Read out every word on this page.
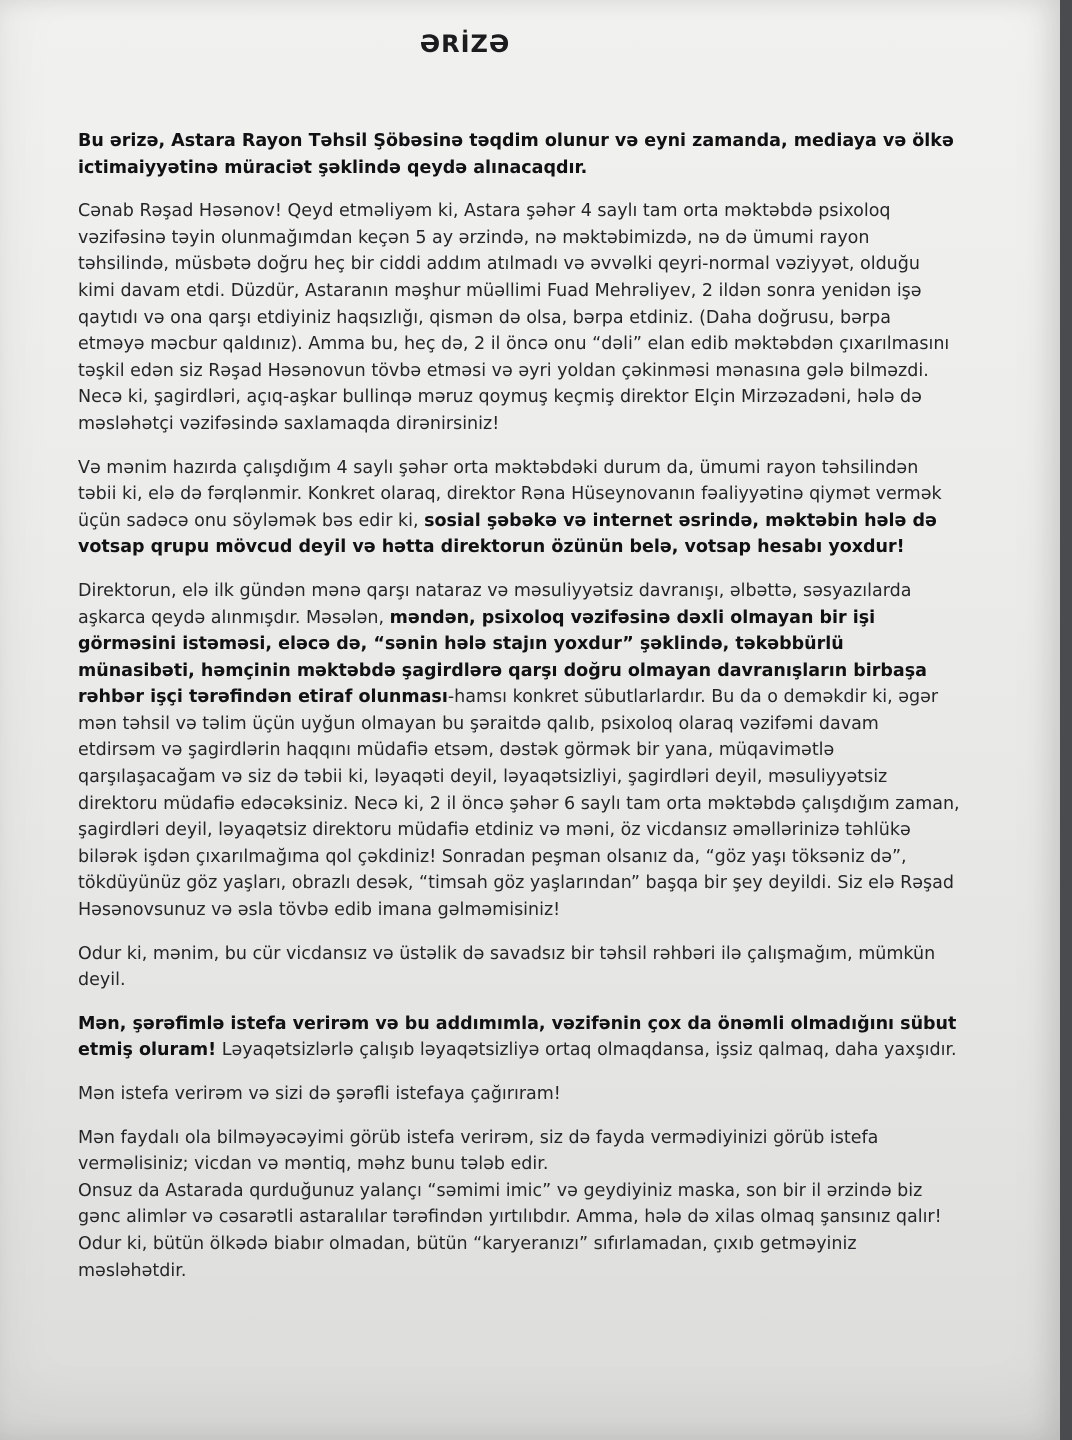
ƏRİZƏ

Bu ərizə, Astara Rayon Təhsil Şöbəsinə təqdim olunur və eyni zamanda, mediaya və ölkə ictimaiyyətinə müraciət şəklində qeydə alınacaqdır.

Cənab Rəşad Həsənov! Qeyd etməliyəm ki, Astara şəhər 4 saylı tam orta məktəbdə psixoloq vəzifəsinə təyin olunmağımdan keçən 5 ay ərzində, nə məktəbimizdə, nə də ümumi rayon təhsilində, müsbətə doğru heç bir ciddi addım atılmadı və əvvəlki qeyri-normal vəziyyət, olduğu kimi davam etdi. Düzdür, Astaranın məşhur müəllimi Fuad Mehrəliyev, 2 ildən sonra yenidən işə qaytıdı və ona qarşı etdiyiniz haqsızlığı, qismən də olsa, bərpa etdiniz. (Daha doğrusu, bərpa etməyə məcbur qaldınız). Amma bu, heç də, 2 il öncə onu “dəli” elan edib məktəbdən çıxarılmasını təşkil edən siz Rəşad Həsənovun tövbə etməsi və əyri yoldan çəkinməsi mənasına gələ bilməzdi. Necə ki, şagirdləri, açıq-aşkar bullinqə məruz qoymuş keçmiş direktor Elçin Mirzəzadəni, hələ də məsləhətçi vəzifəsində saxlamaqda dirənirsiniz!

Və mənim hazırda çalışdığım 4 saylı şəhər orta məktəbdəki durum da, ümumi rayon təhsilindən təbii ki, elə də fərqlənmir. Konkret olaraq, direktor Rəna Hüseynovanın fəaliyyətinə qiymət vermək üçün sadəcə onu söyləmək bəs edir ki, sosial şəbəkə və internet əsrində, məktəbin hələ də votsap qrupu mövcud deyil və hətta direktorun özünün belə, votsap hesabı yoxdur!

Direktorun, elə ilk gündən mənə qarşı nataraz və məsuliyyətsiz davranışı, əlbəttə, səsyazılarda aşkarca qeydə alınmışdır. Məsələn, məndən, psixoloq vəzifəsinə dəxli olmayan bir işi görməsini istəməsi, eləcə də, “sənin hələ stajın yoxdur” şəklində, təkəbbürlü münasibəti, həmçinin məktəbdə şagirdlərə qarşı doğru olmayan davranışların birbaşa rəhbər işçi tərəfindən etiraf olunması-hamsı konkret sübutlarlardır. Bu da o deməkdir ki, əgər mən təhsil və təlim üçün uyğun olmayan bu şəraitdə qalıb, psixoloq olaraq vəzifəmi davam etdirsəm və şagirdlərin haqqını müdafiə etsəm, dəstək görmək bir yana, müqavimətlə qarşılaşacağam və siz də təbii ki, ləyaqəti deyil, ləyaqətsizliyi, şagirdləri deyil, məsuliyyətsiz direktoru müdafiə edəcəksiniz. Necə ki, 2 il öncə şəhər 6 saylı tam orta məktəbdə çalışdığım zaman, şagirdləri deyil, ləyaqətsiz direktoru müdafiə etdiniz və məni, öz vicdansız əməllərinizə təhlükə bilərək işdən çıxarılmağıma qol çəkdiniz! Sonradan peşman olsanız da, “göz yaşı töksəniz də”, tökdüyünüz göz yaşları, obrazlı desək, “timsah göz yaşlarından” başqa bir şey deyildi. Siz elə Rəşad Həsənovsunuz və əsla tövbə edib imana gəlməmisiniz!

Odur ki, mənim, bu cür vicdansız və üstəlik də savadsız bir təhsil rəhbəri ilə çalışmağım, mümkün deyil.

Mən, şərəfimlə istefa verirəm və bu addımımla, vəzifənin çox da önəmli olmadığını sübut etmiş oluram! Ləyaqətsizlərlə çalışıb ləyaqətsizliyə ortaq olmaqdansa, işsiz qalmaq, daha yaxşıdır.

Mən istefa verirəm və sizi də şərəfli istefaya çağırıram!

Mən faydalı ola bilməyəcəyimi görüb istefa verirəm, siz də fayda vermədiyinizi görüb istefa verməlisiniz; vicdan və məntiq, məhz bunu tələb edir.

Onsuz da Astarada qurduğunuz yalançı “səmimi imic” və geydiyiniz maska, son bir il ərzində biz gənc alimlər və cəsarətli astaralılar tərəfindən yırtılıbdır. Amma, hələ də xilas olmaq şansınız qalır! Odur ki, bütün ölkədə biabır olmadan, bütün “karyeranızı” sıfırlamadan, çıxıb getməyiniz məsləhətdir.
